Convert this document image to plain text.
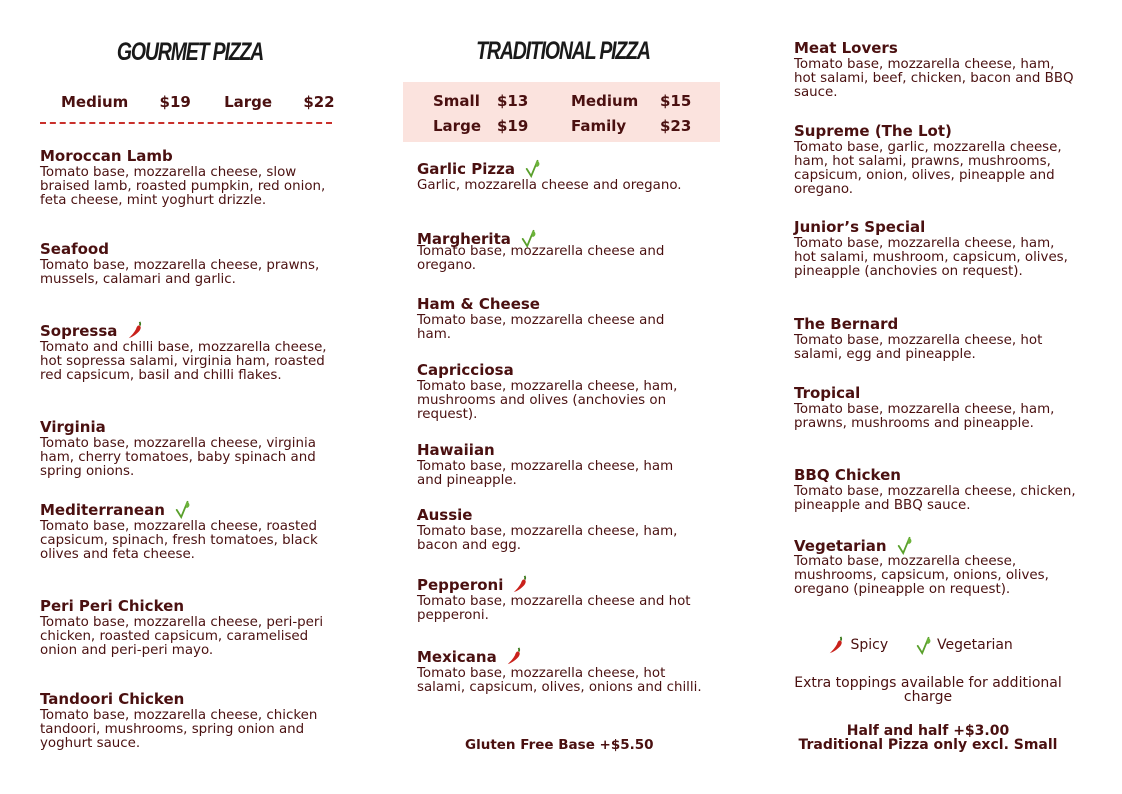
GOURMET PIZZA
Medium $19 Large $22
Moroccan Lamb
Tomato base, mozzarella cheese, slow braised lamb, roasted pumpkin, red onion, feta cheese, mint yoghurt drizzle.
Seafood
Tomato base, mozzarella cheese, prawns, mussels, calamari and garlic.
Sopressa
Tomato and chilli base, mozzarella cheese, hot sopressa salami, virginia ham, roasted red capsicum, basil and chilli flakes.
Virginia
Tomato base, mozzarella cheese, virginia ham, cherry tomatoes, baby spinach and spring onions.
Mediterranean
Tomato base, mozzarella cheese, roasted capsicum, spinach, fresh tomatoes, black olives and feta cheese.
Peri Peri Chicken
Tomato base, mozzarella cheese, peri-peri chicken, roasted capsicum, caramelised onion and peri-peri mayo.
Tandoori Chicken
Tomato base, mozzarella cheese, chicken tandoori, mushrooms, spring onion and yoghurt sauce.
TRADITIONAL PIZZA
Small $13	Medium $15
Large $19	Family $23
Garlic Pizza
Garlic, mozzarella cheese and oregano.
Margherita
Tomato base, mozzarella cheese and oregano.
Ham & Cheese
Tomato base, mozzarella cheese and ham.
Capricciosa
Tomato base, mozzarella cheese, ham, mushrooms and olives (anchovies on request).
Hawaiian
Tomato base, mozzarella cheese, ham and pineapple.
Aussie
Tomato base, mozzarella cheese, ham, bacon and egg.
Pepperoni
Tomato base, mozzarella cheese and hot pepperoni.
Mexicana
Tomato base, mozzarella cheese, hot salami, capsicum, olives, onions and chilli.
Gluten Free Base +$5.50
Meat Lovers
Tomato base, mozzarella cheese, ham, hot salami, beef, chicken, bacon and BBQ sauce.
Supreme (The Lot)
Tomato base, garlic, mozzarella cheese, ham, hot salami, prawns, mushrooms, capsicum, onion, olives, pineapple and oregano.
Junior’s Special
Tomato base, mozzarella cheese, ham, hot salami, mushroom, capsicum, olives, pineapple (anchovies on request).
The Bernard
Tomato base, mozzarella cheese, hot salami, egg and pineapple.
Tropical
Tomato base, mozzarella cheese, ham, prawns, mushrooms and pineapple.
BBQ Chicken
Tomato base, mozzarella cheese, chicken, pineapple and BBQ sauce.
Vegetarian
Tomato base, mozzarella cheese, mushrooms, capsicum, onions, olives, oregano (pineapple on request).
Spicy	Vegetarian
Extra toppings available for additional charge
Half and half +$3.00
Traditional Pizza only excl. Small
